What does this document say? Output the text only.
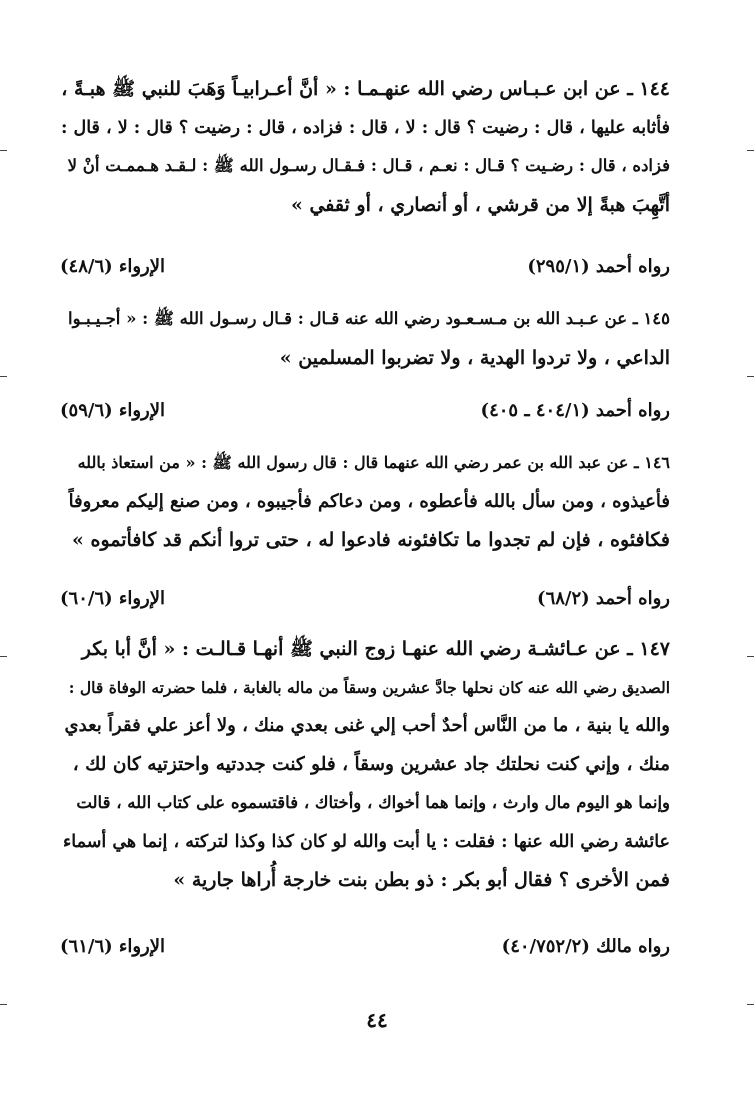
١٤٤ ـ عن ابن عـبـاس رضي الله عنهـمـا : « أنَّ أعـرابيـاً وَهَبَ للنبي ﷺ هبـةً ،
فأثابه عليها ، قال : رضيت ؟ قال : لا ، قال : فزاده ، قال : رضيت ؟ قال : لا ، قال :
فزاده ، قال : رضـيت ؟ قـال : نعـم ، قـال : فـقـال رسـول الله ﷺ : لـقـد هـممـت أنْ لا
أتَّهِبَ هبةً إلا من قرشي ، أو أنصاري ، أو ثقفي »
رواه أحمد (٢٩٥/١)
الإرواء (٤٨/٦)
١٤٥ ـ عن عـبـد الله بن مـسـعـود رضي الله عنه قـال : قـال رسـول الله ﷺ : « أجـيـبـوا
الداعي ، ولا تردوا الهدية ، ولا تضربوا المسلمين »
رواه أحمد (٤٠٤/١ ـ ٤٠٥)
الإرواء (٥٩/٦)
١٤٦ ـ عن عبد الله بن عمر رضي الله عنهما قال : قال رسول الله ﷺ : « من استعاذ بالله
فأعيذوه ، ومن سأل بالله فأعطوه ، ومن دعاكم فأجيبوه ، ومن صنع إليكم معروفاً
فكافئوه ، فإن لم تجدوا ما تكافئونه فادعوا له ، حتى تروا أنكم قد كافأتموه »
رواه أحمد (٦٨/٢)
الإرواء (٦٠/٦)
١٤٧ ـ عن عـائشـة رضي الله عنهـا زوج النبي ﷺ أنهـا قـالـت : « أنَّ أبا بكر
الصديق رضي الله عنه كان نحلها جادَّ عشرين وسقاً من ماله بالغابة ، فلما حضرته الوفاة قال :
والله يا بنية ، ما من النَّاس أحدٌ أحب إلي غنى بعدي منك ، ولا أعز علي فقراً بعدي
منك ، وإني كنت نحلتك جاد عشرين وسقاً ، فلو كنت جددتيه واحتزتيه كان لك ،
وإنما هو اليوم مال وارث ، وإنما هما أخواك ، وأختاك ، فاقتسموه على كتاب الله ، قالت
عائشة رضي الله عنها : فقلت : يا أبت والله لو كان كذا وكذا لتركته ، إنما هي أسماء
فمن الأخرى ؟ فقال أبو بكر : ذو بطن بنت خارجة أُراها جارية »
رواه مالك (٤٠/٧٥٢/٢)
الإرواء (٦١/٦)
٤٤
